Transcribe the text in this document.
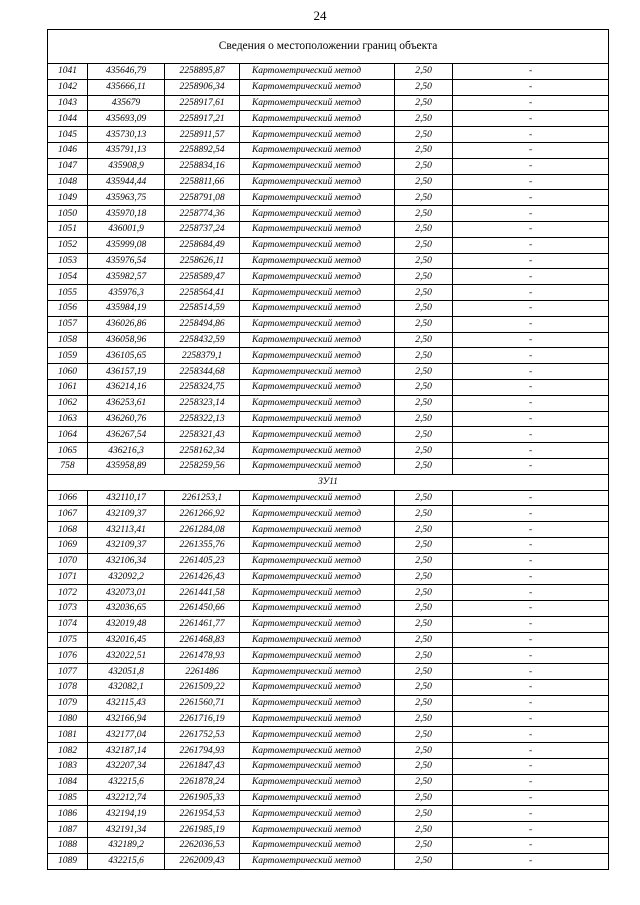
24
Сведения о местоположении границ объекта					
1041	435646,79	2258895,87	Картометрический метод	2,50	-
1042	435666,11	2258906,34	Картометрический метод	2,50	-
1043	435679	2258917,61	Картометрический метод	2,50	-
1044	435693,09	2258917,21	Картометрический метод	2,50	-
1045	435730,13	2258911,57	Картометрический метод	2,50	-
1046	435791,13	2258892,54	Картометрический метод	2,50	-
1047	435908,9	2258834,16	Картометрический метод	2,50	-
1048	435944,44	2258811,66	Картометрический метод	2,50	-
1049	435963,75	2258791,08	Картометрический метод	2,50	-
1050	435970,18	2258774,36	Картометрический метод	2,50	-
1051	436001,9	2258737,24	Картометрический метод	2,50	-
1052	435999,08	2258684,49	Картометрический метод	2,50	-
1053	435976,54	2258626,11	Картометрический метод	2,50	-
1054	435982,57	2258589,47	Картометрический метод	2,50	-
1055	435976,3	2258564,41	Картометрический метод	2,50	-
1056	435984,19	2258514,59	Картометрический метод	2,50	-
1057	436026,86	2258494,86	Картометрический метод	2,50	-
1058	436058,96	2258432,59	Картометрический метод	2,50	-
1059	436105,65	2258379,1	Картометрический метод	2,50	-
1060	436157,19	2258344,68	Картометрический метод	2,50	-
1061	436214,16	2258324,75	Картометрический метод	2,50	-
1062	436253,61	2258323,14	Картометрический метод	2,50	-
1063	436260,76	2258322,13	Картометрический метод	2,50	-
1064	436267,54	2258321,43	Картометрический метод	2,50	-
1065	436216,3	2258162,34	Картометрический метод	2,50	-
758	435958,89	2258259,56	Картометрический метод	2,50	-
ЗУ11					
1066	432110,17	2261253,1	Картометрический метод	2,50	-
1067	432109,37	2261266,92	Картометрический метод	2,50	-
1068	432113,41	2261284,08	Картометрический метод	2,50	-
1069	432109,37	2261355,76	Картометрический метод	2,50	-
1070	432106,34	2261405,23	Картометрический метод	2,50	-
1071	432092,2	2261426,43	Картометрический метод	2,50	-
1072	432073,01	2261441,58	Картометрический метод	2,50	-
1073	432036,65	2261450,66	Картометрический метод	2,50	-
1074	432019,48	2261461,77	Картометрический метод	2,50	-
1075	432016,45	2261468,83	Картометрический метод	2,50	-
1076	432022,51	2261478,93	Картометрический метод	2,50	-
1077	432051,8	2261486	Картометрический метод	2,50	-
1078	432082,1	2261509,22	Картометрический метод	2,50	-
1079	432115,43	2261560,71	Картометрический метод	2,50	-
1080	432166,94	2261716,19	Картометрический метод	2,50	-
1081	432177,04	2261752,53	Картометрический метод	2,50	-
1082	432187,14	2261794,93	Картометрический метод	2,50	-
1083	432207,34	2261847,43	Картометрический метод	2,50	-
1084	432215,6	2261878,24	Картометрический метод	2,50	-
1085	432212,74	2261905,33	Картометрический метод	2,50	-
1086	432194,19	2261954,53	Картометрический метод	2,50	-
1087	432191,34	2261985,19	Картометрический метод	2,50	-
1088	432189,2	2262036,53	Картометрический метод	2,50	-
1089	432215,6	2262009,43	Картометрический метод	2,50	-
